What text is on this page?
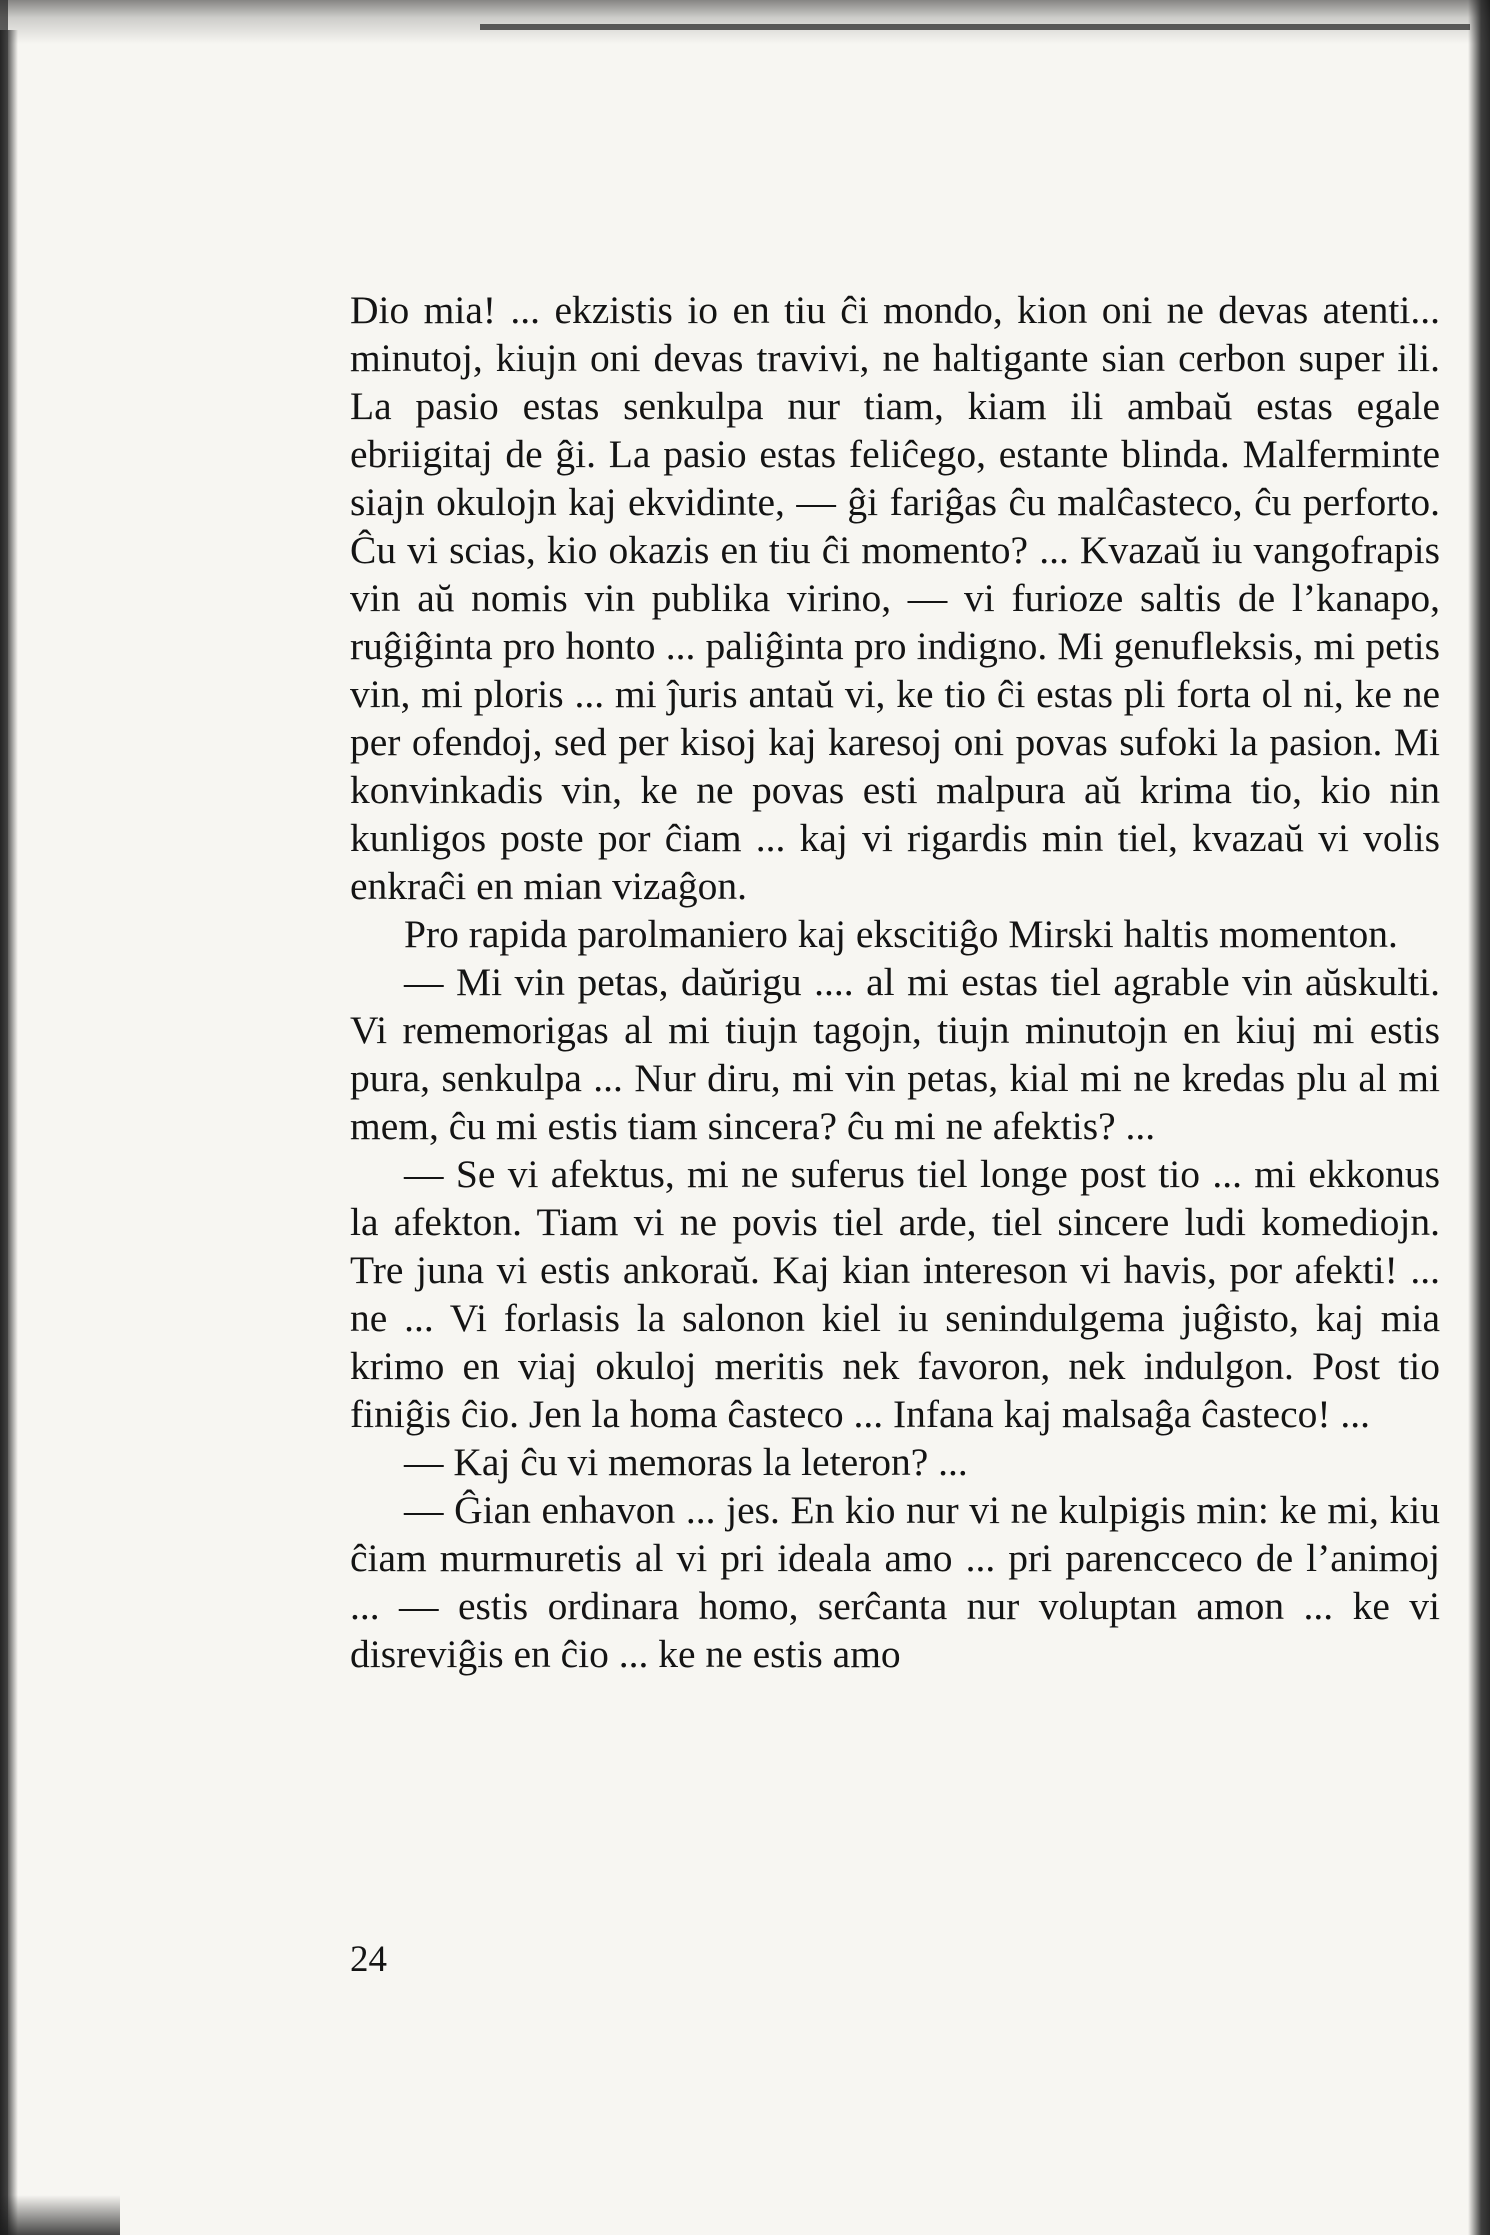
Dio mia! ... ekzistis io en tiu ĉi mondo, kion oni ne devas atenti... minutoj, kiujn oni devas travivi, ne haltigante sian cerbon super ili. La pasio estas senkulpa nur tiam, kiam ili ambaŭ estas egale ebriigitaj de ĝi. La pasio estas feliĉego, estante blinda. Malferminte siajn okulojn kaj ekvidinte, — ĝi fariĝas ĉu malĉasteco, ĉu perforto. Ĉu vi scias, kio okazis en tiu ĉi momento? ... Kvazaŭ iu vangofrapis vin aŭ nomis vin publika virino, — vi furioze saltis de l’kanapo, ruĝiĝinta pro honto ... paliĝinta pro indigno. Mi genufleksis, mi petis vin, mi ploris ... mi ĵuris antaŭ vi, ke tio ĉi estas pli forta ol ni, ke ne per ofendoj, sed per kisoj kaj karesoj oni povas sufoki la pasion. Mi konvinkadis vin, ke ne povas esti malpura aŭ krima tio, kio nin kunligos poste por ĉiam ... kaj vi rigardis min tiel, kvazaŭ vi volis enkraĉi en mian vizaĝon.

Pro rapida parolmaniero kaj ekscitiĝo Mirski haltis momenton.

— Mi vin petas, daŭrigu .... al mi estas tiel agrable vin aŭskulti. Vi rememorigas al mi tiujn tagojn, tiujn minutojn en kiuj mi estis pura, senkulpa ... Nur diru, mi vin petas, kial mi ne kredas plu al mi mem, ĉu mi estis tiam sincera? ĉu mi ne afektis? ...

— Se vi afektus, mi ne suferus tiel longe post tio ... mi ekkonus la afekton. Tiam vi ne povis tiel arde, tiel sincere ludi komediojn. Tre juna vi estis ankoraŭ. Kaj kian intereson vi havis, por afekti! ... ne ... Vi forlasis la salonon kiel iu senindulgema juĝisto, kaj mia krimo en viaj okuloj meritis nek favoron, nek indulgon. Post tio finiĝis ĉio. Jen la homa ĉasteco ... Infana kaj malsaĝa ĉasteco! ...

— Kaj ĉu vi memoras la leteron? ...

— Ĝian enhavon ... jes. En kio nur vi ne kulpigis min: ke mi, kiu ĉiam murmuretis al vi pri ideala amo ... pri parencceco de l’animoj ... — estis ordinara homo, serĉanta nur voluptan amon ... ke vi disreviĝis en ĉio ... ke ne estis amo

24
